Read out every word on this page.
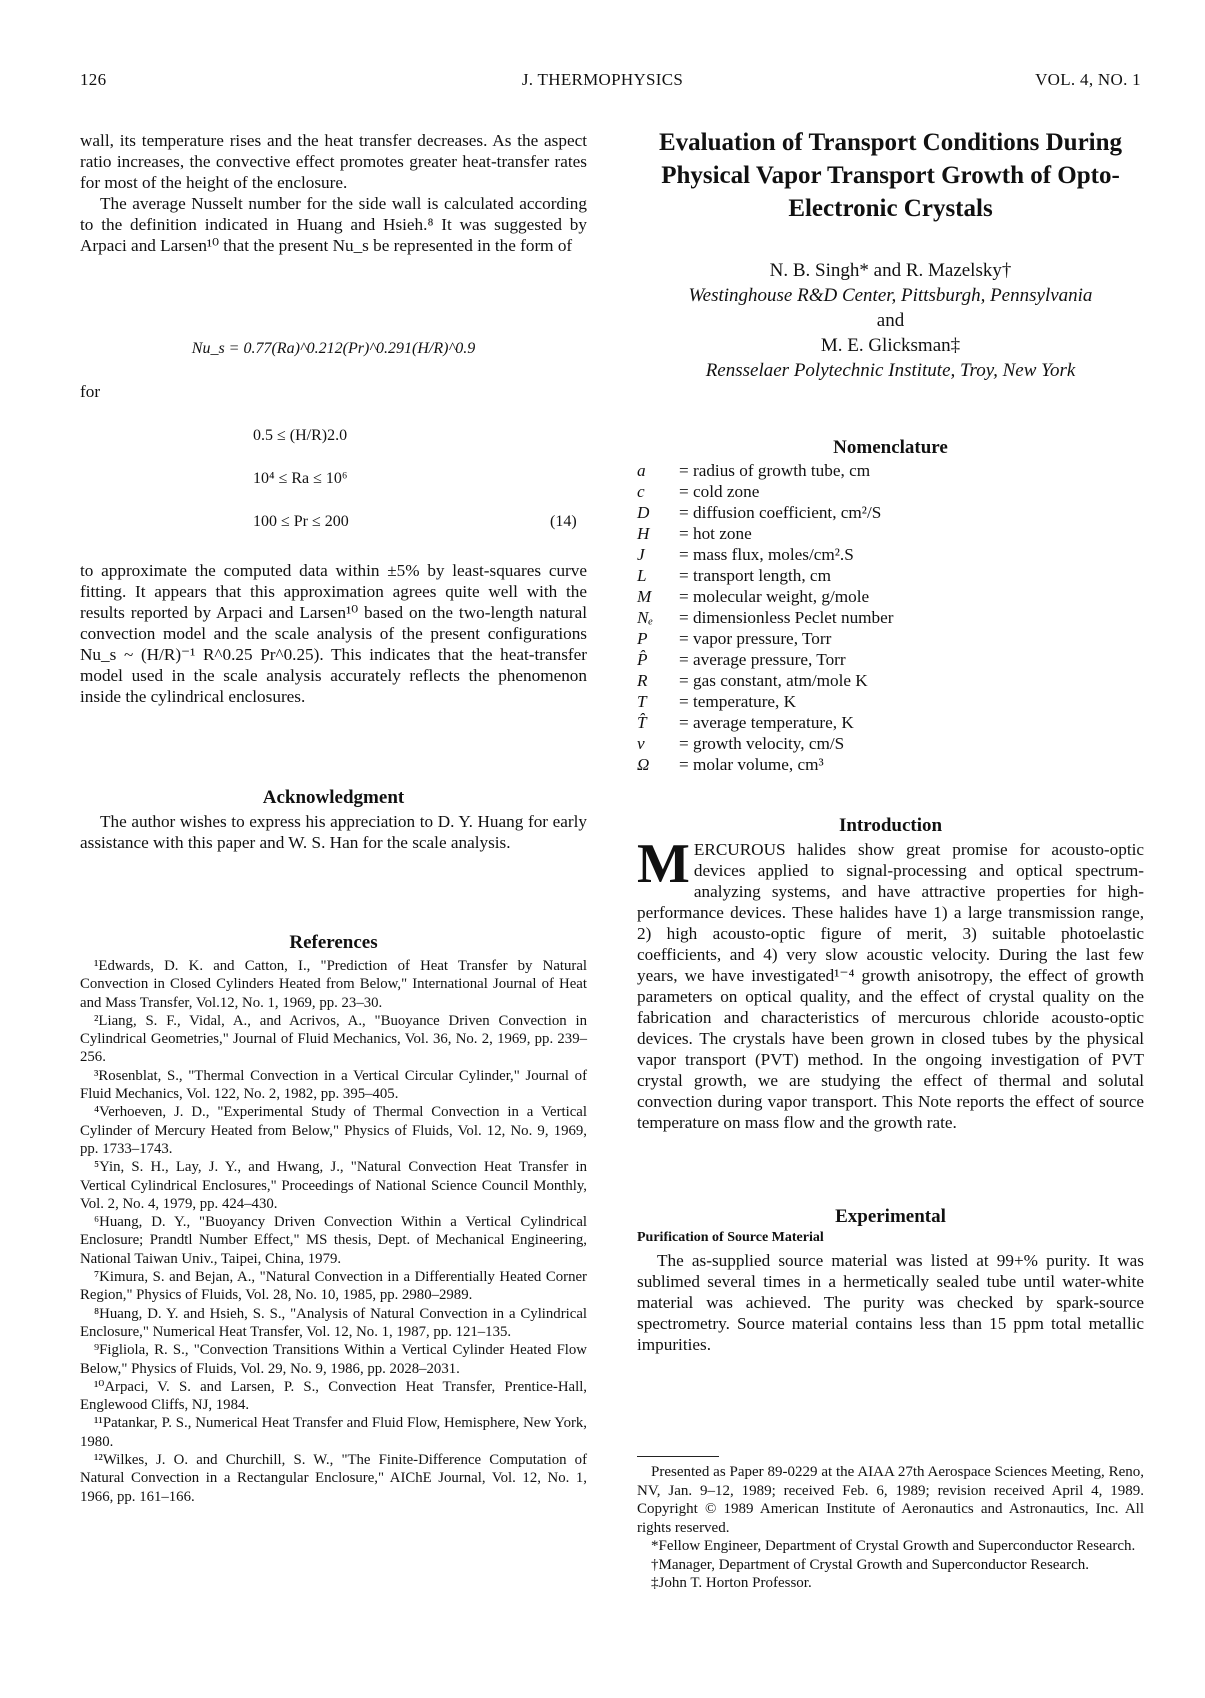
126	J. THERMOPHYSICS	VOL. 4, NO. 1

wall, its temperature rises and the heat transfer decreases. As the aspect ratio increases, the convective effect promotes greater heat-transfer rates for most of the height of the enclosure.

The average Nusselt number for the side wall is calculated according to the definition indicated in Huang and Hsieh.⁸ It was suggested by Arpaci and Larsen¹⁰ that the present Nu_s be represented in the form of

Nu_s = 0.77(Ra)^0.212(Pr)^0.291(H/R)^0.9
for
0.5 ≤ (H/R)2.0
10⁴ ≤ Ra ≤ 10⁶
100 ≤ Pr ≤ 200	(14)

to approximate the computed data within ±5% by least-squares curve fitting. It appears that this approximation agrees quite well with the results reported by Arpaci and Larsen¹⁰ based on the two-length natural convection model and the scale analysis of the present configurations Nu_s ~ (H/R)⁻¹ R^0.25 Pr^0.25). This indicates that the heat-transfer model used in the scale analysis accurately reflects the phenomenon inside the cylindrical enclosures.

Acknowledgment

The author wishes to express his appreciation to D. Y. Huang for early assistance with this paper and W. S. Han for the scale analysis.

References

¹Edwards, D. K. and Catton, I., "Prediction of Heat Transfer by Natural Convection in Closed Cylinders Heated from Below," International Journal of Heat and Mass Transfer, Vol.12, No. 1, 1969, pp. 23–30.

²Liang, S. F., Vidal, A., and Acrivos, A., "Buoyance Driven Convection in Cylindrical Geometries," Journal of Fluid Mechanics, Vol. 36, No. 2, 1969, pp. 239–256.

³Rosenblat, S., "Thermal Convection in a Vertical Circular Cylinder," Journal of Fluid Mechanics, Vol. 122, No. 2, 1982, pp. 395–405.

⁴Verhoeven, J. D., "Experimental Study of Thermal Convection in a Vertical Cylinder of Mercury Heated from Below," Physics of Fluids, Vol. 12, No. 9, 1969, pp. 1733–1743.

⁵Yin, S. H., Lay, J. Y., and Hwang, J., "Natural Convection Heat Transfer in Vertical Cylindrical Enclosures," Proceedings of National Science Council Monthly, Vol. 2, No. 4, 1979, pp. 424–430.

⁶Huang, D. Y., "Buoyancy Driven Convection Within a Vertical Cylindrical Enclosure; Prandtl Number Effect," MS thesis, Dept. of Mechanical Engineering, National Taiwan Univ., Taipei, China, 1979.

⁷Kimura, S. and Bejan, A., "Natural Convection in a Differentially Heated Corner Region," Physics of Fluids, Vol. 28, No. 10, 1985, pp. 2980–2989.

⁸Huang, D. Y. and Hsieh, S. S., "Analysis of Natural Convection in a Cylindrical Enclosure," Numerical Heat Transfer, Vol. 12, No. 1, 1987, pp. 121–135.

⁹Figliola, R. S., "Convection Transitions Within a Vertical Cylinder Heated Flow Below," Physics of Fluids, Vol. 29, No. 9, 1986, pp. 2028–2031.

¹⁰Arpaci, V. S. and Larsen, P. S., Convection Heat Transfer, Prentice-Hall, Englewood Cliffs, NJ, 1984.

¹¹Patankar, P. S., Numerical Heat Transfer and Fluid Flow, Hemisphere, New York, 1980.

¹²Wilkes, J. O. and Churchill, S. W., "The Finite-Difference Computation of Natural Convection in a Rectangular Enclosure," AIChE Journal, Vol. 12, No. 1, 1966, pp. 161–166.

Evaluation of Transport Conditions During Physical Vapor Transport Growth of Opto-Electronic Crystals
N. B. Singh* and R. Mazelsky†
Westinghouse R&D Center, Pittsburgh, Pennsylvania
and
M. E. Glicksman‡
Rensselaer Polytechnic Institute, Troy, New York

Nomenclature

a	= radius of growth tube, cm
c	= cold zone
D	= diffusion coefficient, cm²/S
H	= hot zone
J	= mass flux, moles/cm².S
L	= transport length, cm
M	= molecular weight, g/mole
Nₑ	= dimensionless Peclet number
P	= vapor pressure, Torr
P̂	= average pressure, Torr
R	= gas constant, atm/mole K
T	= temperature, K
T̂	= average temperature, K
v	= growth velocity, cm/S
Ω	= molar volume, cm³

Introduction

MERCUROUS halides show great promise for acousto-optic devices applied to signal-processing and optical spectrum-analyzing systems, and have attractive properties for high-performance devices. These halides have 1) a large transmission range, 2) high acousto-optic figure of merit, 3) suitable photoelastic coefficients, and 4) very slow acoustic velocity. During the last few years, we have investigated¹⁻⁴ growth anisotropy, the effect of growth parameters on optical quality, and the effect of crystal quality on the fabrication and characteristics of mercurous chloride acousto-optic devices. The crystals have been grown in closed tubes by the physical vapor transport (PVT) method. In the ongoing investigation of PVT crystal growth, we are studying the effect of thermal and solutal convection during vapor transport. This Note reports the effect of source temperature on mass flow and the growth rate.

Experimental

Purification of Source Material

The as-supplied source material was listed at 99+% purity. It was sublimed several times in a hermetically sealed tube until water-white material was achieved. The purity was checked by spark-source spectrometry. Source material contains less than 15 ppm total metallic impurities.

Presented as Paper 89-0229 at the AIAA 27th Aerospace Sciences Meeting, Reno, NV, Jan. 9–12, 1989; received Feb. 6, 1989; revision received April 4, 1989. Copyright © 1989 American Institute of Aeronautics and Astronautics, Inc. All rights reserved.

*Fellow Engineer, Department of Crystal Growth and Superconductor Research.

†Manager, Department of Crystal Growth and Superconductor Research.

‡John T. Horton Professor.
